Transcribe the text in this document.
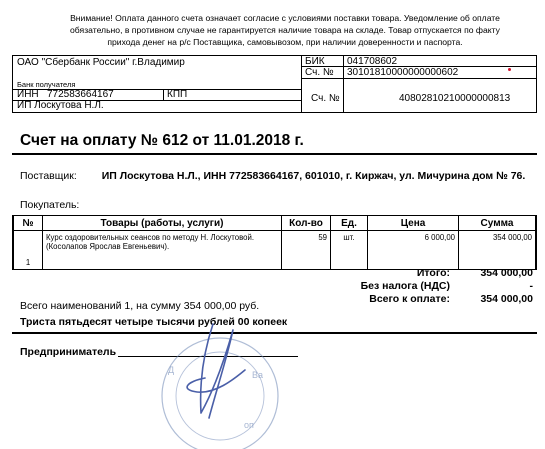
Внимание! Оплата данного счета означает согласие с условиями поставки товара. Уведомление об оплате
обязательно, в противном случае не гарантируется наличие товара на складе. Товар отпускается по факту
прихода денег на р/с Поставщика, самовывозом, при наличии доверенности и паспорта.
ОАО "Сбербанк России" г.Владимир
Банк получателя
БИК 041708602
Сч. № 30101810000000000602
ИНН 772583664167	КПП
ИП Лоскутова Н.Л.
Сч. №	40802810210000000813
Счет на оплату № 612 от 11.01.2018 г.
Поставщик: ИП Лоскутова Н.Л., ИНН 772583664167, 601010, г. Киржач, ул. Мичурина дом № 76.
Покупатель:
№	Товары (работы, услуги)	Кол-во	Ед.	Цена	Сумма
1	Курс оздоровительных сеансов по методу Н. Лоскутовой.
(Косолапов Ярослав Евгеньевич).	59	шт.	6 000,00	354 000,00
Итого:	354 000,00
Без налога (НДС)	-
Всего к оплате:	354 000,00
Всего наименований 1, на сумму 354 000,00 руб.
Триста пятьдесят четыре тысячи рублей 00 копеек
Предприниматель
Д	Ва
оп
